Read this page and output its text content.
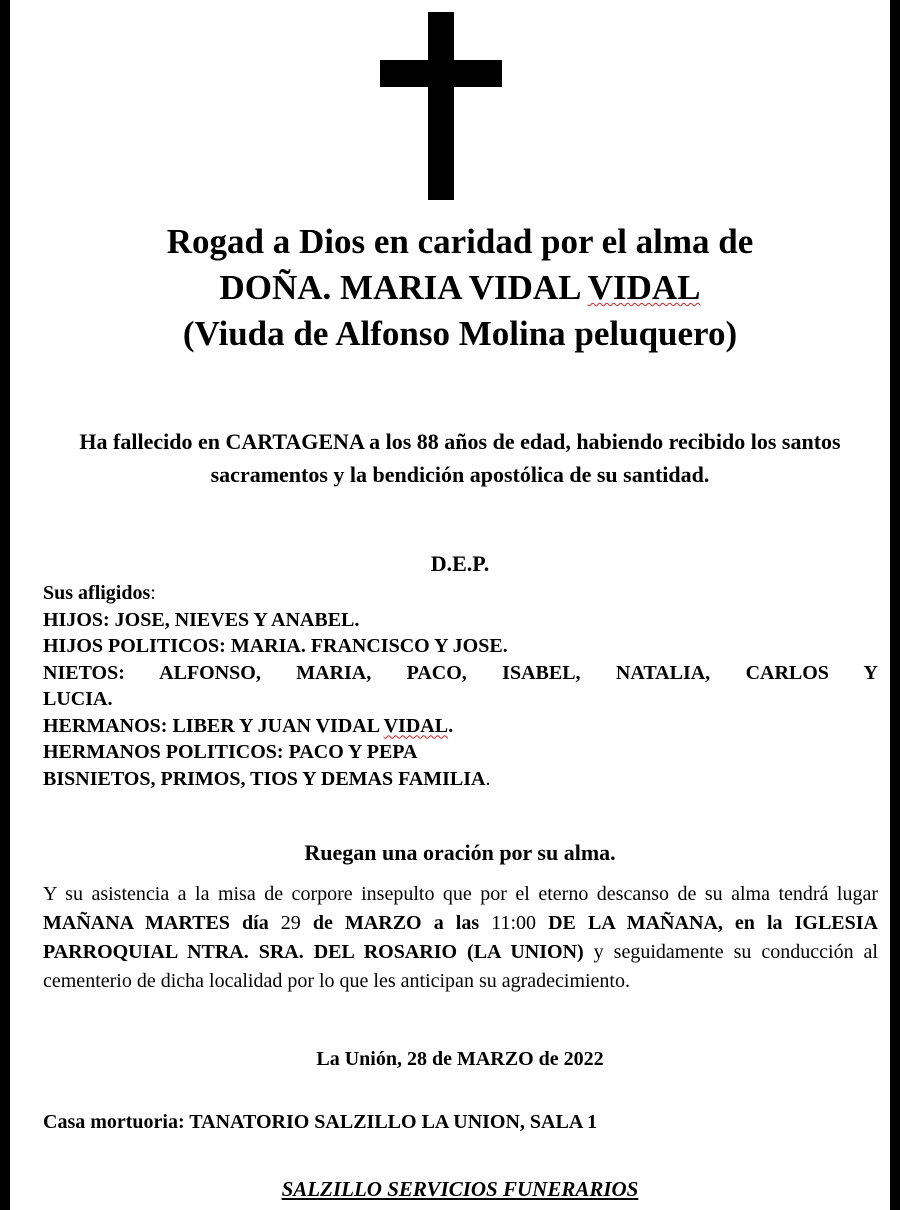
Rogad a Dios en caridad por el alma de
DOÑA. MARIA VIDAL VIDAL
(Viuda de Alfonso Molina peluquero)
Ha fallecido en CARTAGENA a los 88 años de edad, habiendo recibido los santos sacramentos y la bendición apostólica de su santidad.
D.E.P.
Sus afligidos:
HIJOS: JOSE, NIEVES Y ANABEL.
HIJOS POLITICOS: MARIA. FRANCISCO Y JOSE.
NIETOS: ALFONSO, MARIA, PACO, ISABEL, NATALIA, CARLOS Y
LUCIA.
HERMANOS: LIBER Y JUAN VIDAL VIDAL.
HERMANOS POLITICOS: PACO Y PEPA
BISNIETOS, PRIMOS, TIOS Y DEMAS FAMILIA.
Ruegan una oración por su alma.
Y su asistencia a la misa de corpore insepulto que por el eterno descanso de su alma tendrá lugar MAÑANA MARTES día 29 de MARZO a las 11:00 DE LA MAÑANA, en la IGLESIA PARROQUIAL NTRA. SRA. DEL ROSARIO (LA UNION) y seguidamente su conducción al cementerio de dicha localidad por lo que les anticipan su agradecimiento.
La Unión, 28 de MARZO de 2022
Casa mortuoria: TANATORIO SALZILLO LA UNION, SALA 1
SALZILLO SERVICIOS FUNERARIOS
